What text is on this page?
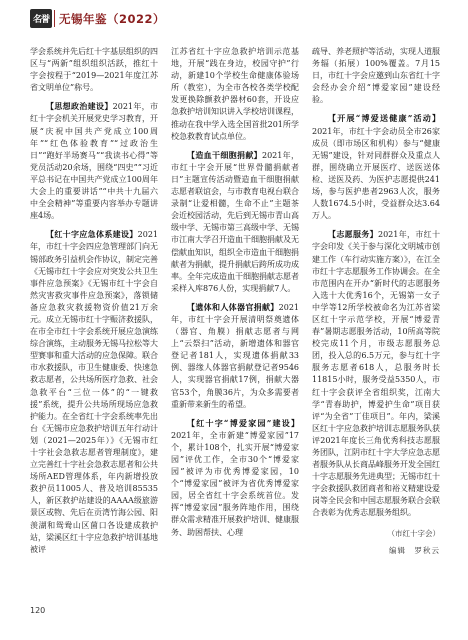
名誉 无锡年鉴（2022）

学会系统并先后红十字基层组织的四区与“两新”组织组织活跃，推红十字会按程于“2019—2021年度江苏省文明单位”称号。

【思想政治建设】2021年，市红十字会机关开展党史学习教育，开展“庆祝中国共产党成立100周年”“红色体验教育”“过政治生日”“跑好半场赛马”“我读书心得”等党员活动20余场，围绕“四史”“习近平总书记在中国共产党成立100周年大会上的重要讲话”“中共十九届六中全会精神”等重要内容举办专题讲座4场。

【红十字应急体系建设】2021年，市红十字会四应急管理部门向无锡部政务引益机会作协议，制定完善《无锡市红十字会应对突发公共卫生事件应急预案》《无锡市红十字会自然灾害救灾事件应急预案》，落锁储备应急救灾救援物资价值21万余元。成立无锡市红十字赈济救援队，在市全市红十字会系统开展应急演练综合演练，主动服务无锡马拉松等大型赛事和重大活动的应急保障。联合市水救援队，市卫生健康委、快速急救志愿者，公共场所医疗急救、社会急救平台“三位一体”的“一键救援”系统，提升公共场所现场应急救护能力。在全省红十字会系统率先出台《无锡市应急救护培训五年行动计划（2021—2025年）》《无锡市红十字社会急救志愿者管理制度》，建立完善红十字社会急救志愿者和公共场所AED管理体系，年内新增投放救护员11005人、普及培训85535人，新区救护站建设的AAAA级旅游景区或物、先后在贡湾竹海公园、阳羡湖和鸳鸯山区菌口各设建成救护站，梁溪区红十字应急救护培训基地被评

江苏省红十字应急救护培训示范基地，开展“践在身边，校园守护”行动，新建10个学校生命健康体验场所（教室），为全市各校各类学校配发更换除颤救护器材60套，开设应急救护培训知识讲入学校培训课程，推动在我中学入选全国首批201所学校急救教育试点单位。

【造血干细胞捐献】2021年，市红十字会开展“世界骨髓捐献者日”主题宣传活动暨造血干细胞捐献志愿者联谊会，与市教育电视台联合录制“让爱相髓，生命不止”主题茶会近校园活动，先后到无锡市青山高级中学、无锡市第三高级中学、无锡市江南大学召开造血干细胞捐献及无偿献血知识，组织全市造血干细胞捐献者为捐献，提升捐献后跨所成功成率。全年完成造血干细胞捐献志愿者采样入库876人份，实现捐献7人。

【遗体和人体器官捐献】2021年，市红十字会开展清明祭奠遗体（器官、角膜）捐献志愿者与网上“云祭扫”活动，新增遗体和器官登记者181人，实现遗体捐献33例、器缘人体器官捐献登记者9546人，实现器官捐献17例，捐献大器官53个，角膜36片，为众多需要者重新带来新生的希望。

【红十字“博爱家园”建设】2021年，全市新建“博爱家园”17个，累计108个，扎实开展“博爱家园”评优工作，全市30个“博爱家园”被评为市优秀博爱家园，10个“博爱家园”被评为省优秀博爱家园，居全省红十字会系统首位。发挥“博爱家园”服务阵地作用，围绕群众需求精准开展救护培训、健康服务、助困帮扶、心理

疏导、养老照护等活动，实现人道服务辐（拓展）100%覆盖。7月15日，市红十字会应邀到山东省红十字会经办会介绍“博爱家园”建设经验。

【开展“博爱送健康”活动】2021年，市红十字会动员全市26家成员（即市场区和机构）参与“健康无锡”建设，针对同群群众及重点人群，围绕确立开展医疗、送医送体检、送医及药、为医护志愿提供241场，参与医护患者2963人次，服务人数1674.5小时，受益群众达3.64万人。

【志愿服务】2021年，市红十字会印发《关于参与深化文明城市创建工作（车行动实施方案）》，在江全市红十字志愿服务工作协调会。在全市范围内在开办“新时代的志愿服务入选十大优秀16个，无锡第一女子中学等12所学校被命名为江苏省梁区红十字示范学校，开展“博爱青春”暑期志愿服务活动，10所高等院校完成11个月，市级志愿服务总团，投入总的6.5万元，参与红十字服务志愿者618人，总服务时长11815小时，服务受益5350人，市红十字会获评全省组织奖，江南大学“青春助护，博爱护生命”项目获评“为全省”丁佳项目”。年内，梁溪区红十字应急救护培训志愿服务队获评2021年度长三角优秀科技志愿服务团队，江阴市红十字大学应急志愿者服务队从长商品峰服务开发全国红十字志愿服务先进典型；无锡市红十字会救援队救团商者和裕义精建设爱岗等全民会和中国志愿服务联合会联合表彰为优秀志愿服务组织。

（市红十字会）
编辑　罗秋云
120
